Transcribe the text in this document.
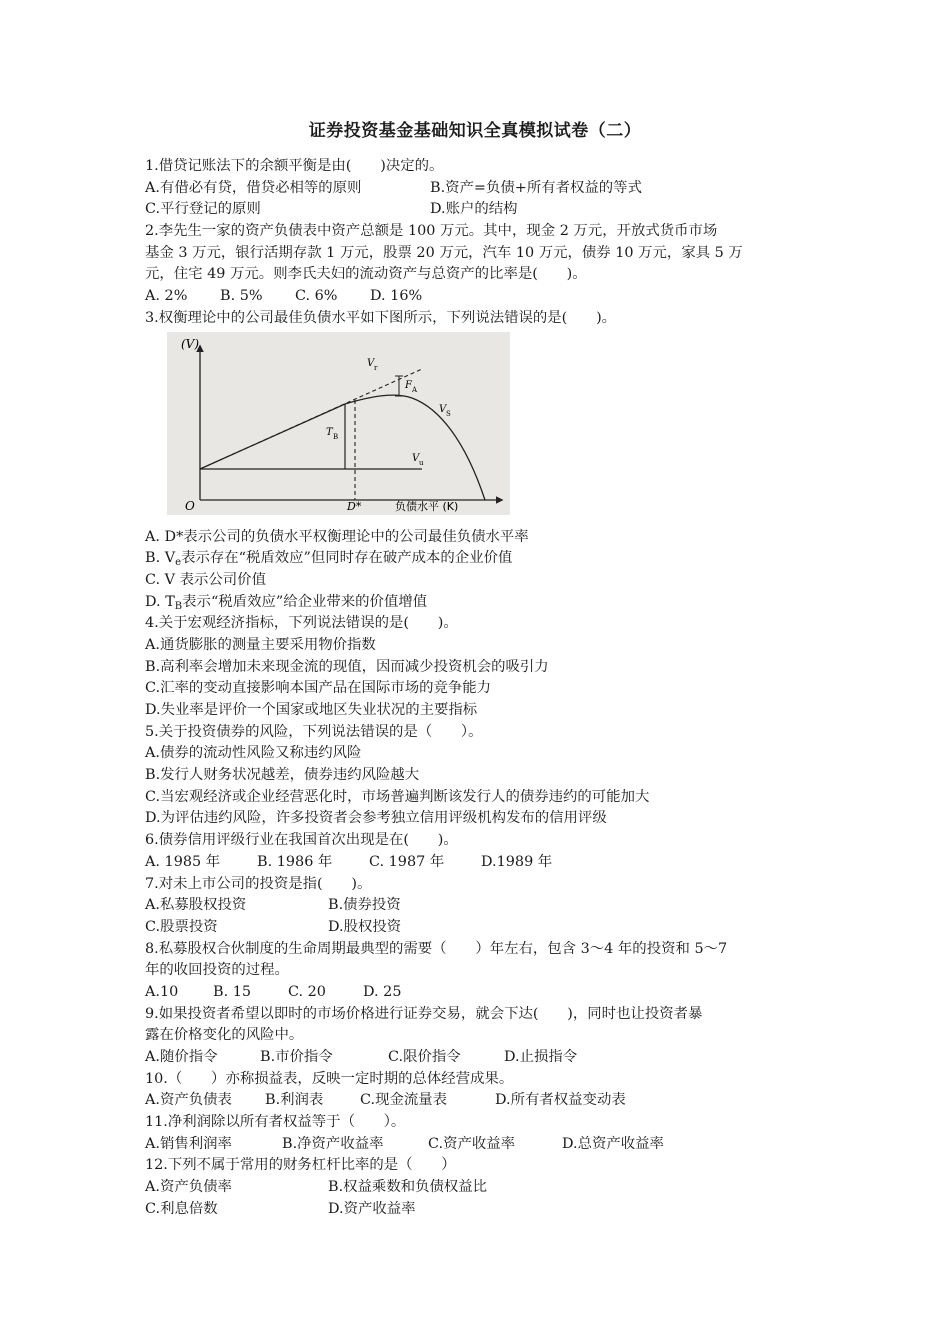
证券投资基金基础知识全真模拟试卷（二）
1.借贷记账法下的余额平衡是由(　　)决定的。
A.有借必有贷，借贷必相等的原则	B.资产=负债+所有者权益的等式
C.平行登记的原则	D.账户的结构
2.李先生一家的资产负债表中资产总额是 100 万元。其中，现金 2 万元，开放式货币市场
基金 3 万元，银行活期存款 1 万元，股票 20 万元，汽车 10 万元，债券 10 万元，家具 5 万
元，住宅 49 万元。则李氏夫妇的流动资产与总资产的比率是(　　)。
A. 2%	B. 5%	C. 6%	D. 16%
3.权衡理论中的公司最佳负债水平如下图所示，下列说法错误的是(　　)。
(V)
O	D*	负债水平 (K)
V r
F A
V S
T B
V u
A. D*表示公司的负债水平权衡理论中的公司最佳负债水平率
B. $V_e$表示存在“税盾效应”但同时存在破产成本的企业价值
C. V 表示公司价值
D. $T_B$表示“税盾效应”给企业带来的价值增值
4.关于宏观经济指标，下列说法错误的是(　　)。
A.通货膨胀的测量主要采用物价指数
B.高利率会增加未来现金流的现值，因而减少投资机会的吸引力
C.汇率的变动直接影响本国产品在国际市场的竞争能力
D.失业率是评价一个国家或地区失业状况的主要指标
5.关于投资债券的风险，下列说法错误的是（　　）。
A.债券的流动性风险又称违约风险
B.发行人财务状况越差，债券违约风险越大
C.当宏观经济或企业经营恶化时，市场普遍判断该发行人的债券违约的可能加大
D.为评估违约风险，许多投资者会参考独立信用评级机构发布的信用评级
6.债券信用评级行业在我国首次出现是在(　　)。
A. 1985 年	B. 1986 年	C. 1987 年	D.1989 年
7.对未上市公司的投资是指(　　)。
A.私募股权投资	B.债券投资
C.股票投资	D.股权投资
8.私募股权合伙制度的生命周期最典型的需要（　　）年左右，包含 3～4 年的投资和 5～7
年的收回投资的过程。
A.10	B. 15	C. 20	D. 25
9.如果投资者希望以即时的市场价格进行证券交易，就会下达(　　)，同时也让投资者暴
露在价格变化的风险中。
A.随价指令	B.市价指令	C.限价指令	D.止损指令
10.（　　）亦称损益表，反映一定时期的总体经营成果。
A.资产负债表	B.利润表	C.现金流量表	D.所有者权益变动表
11.净利润除以所有者权益等于（　　）。
A.销售利润率	B.净资产收益率	C.资产收益率	D.总资产收益率
12.下列不属于常用的财务杠杆比率的是（　　）
A.资产负债率	B.权益乘数和负债权益比
C.利息倍数	D.资产收益率
